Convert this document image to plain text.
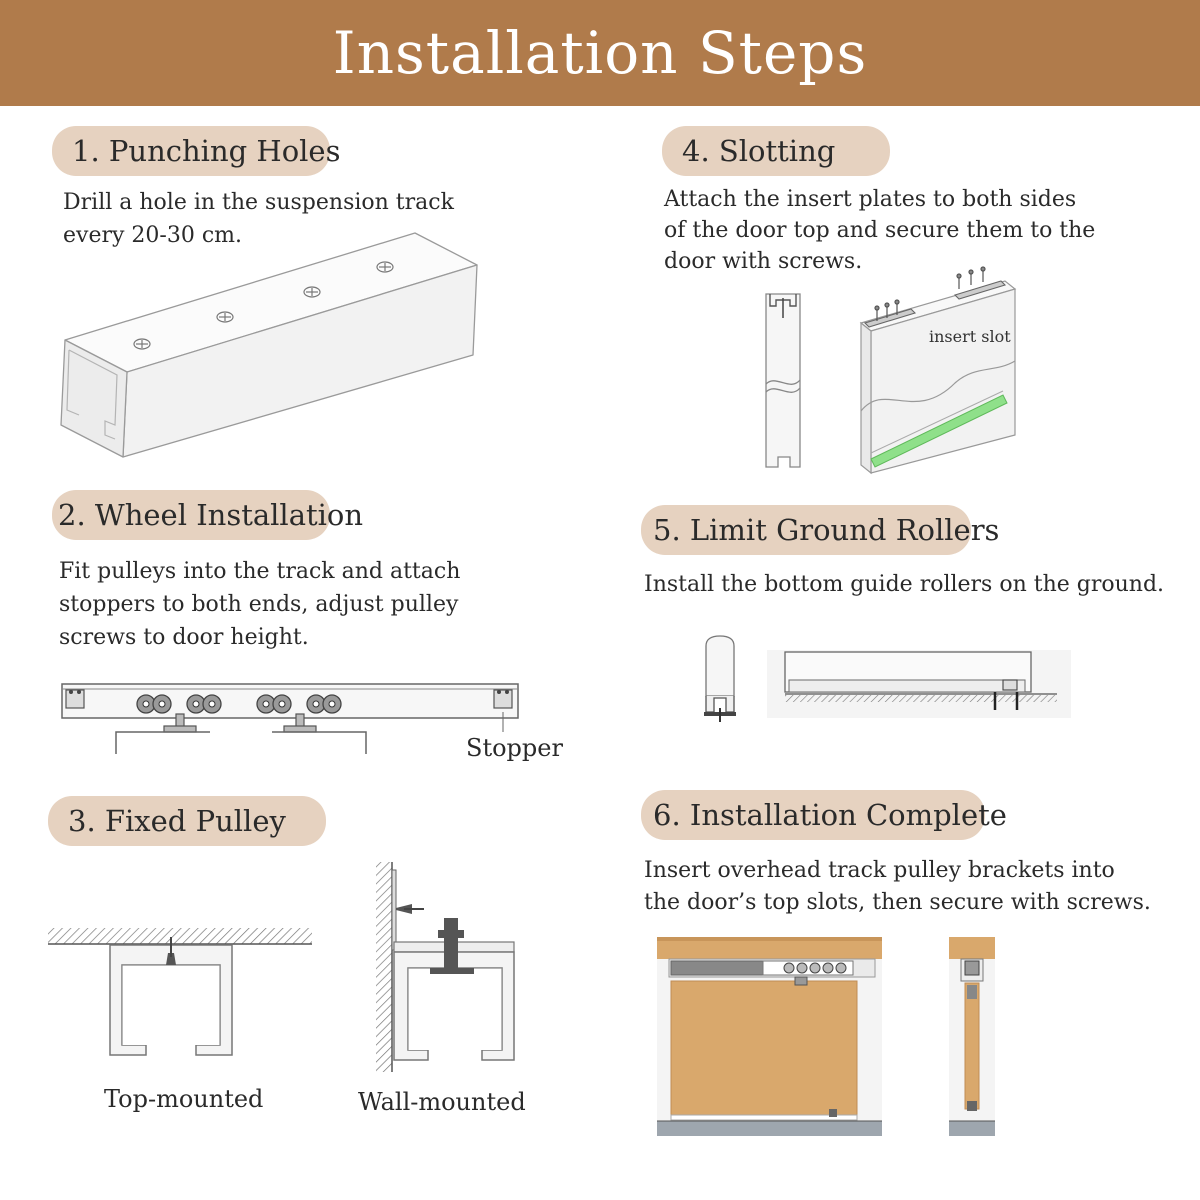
Installation Steps
1. Punching Holes
Drill a hole in the suspension track
every 20-30 cm.
2. Wheel Installation
Fit pulleys into the track and attach
stoppers to both ends, adjust pulley
screws to door height.
Stopper
3. Fixed Pulley
Top-mounted	Wall-mounted
4. Slotting
Attach the insert plates to both sides
of the door top and secure them to the
door with screws.
insert slot
5. Limit Ground Rollers
Install the bottom guide rollers on the ground.
6. Installation Complete
Insert overhead track pulley brackets into
the door’s top slots, then secure with screws.
